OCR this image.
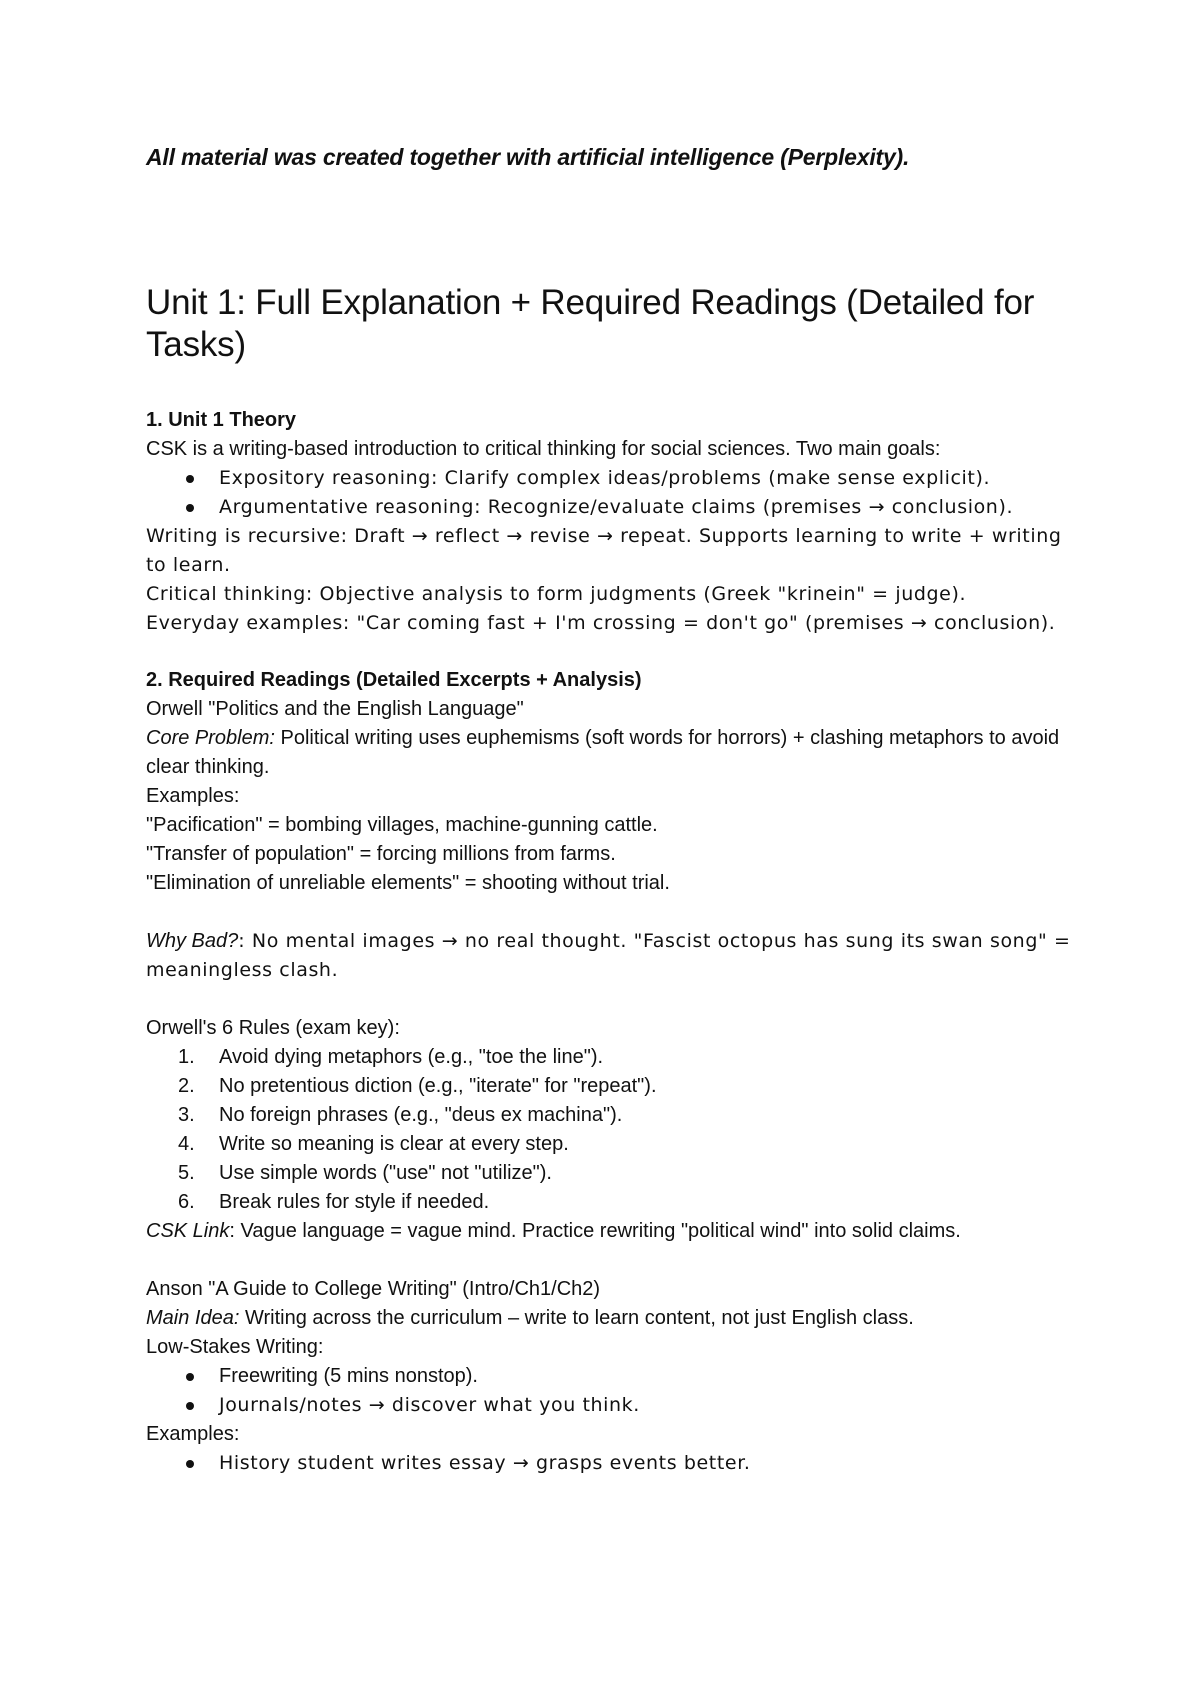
All material was created together with artificial intelligence (Perplexity).

Unit 1: Full Explanation + Required Readings (Detailed for Tasks)

1. Unit 1 Theory

CSK is a writing-based introduction to critical thinking for social sciences. Two main goals:

Expository reasoning: Clarify complex ideas/problems (make sense explicit).
Argumentative reasoning: Recognize/evaluate claims (premises → conclusion).

Writing is recursive: Draft → reflect → revise → repeat. Supports learning to write + writing to learn.

Critical thinking: Objective analysis to form judgments (Greek "krinein" = judge).

Everyday examples: "Car coming fast + I'm crossing = don't go" (premises → conclusion).

2. Required Readings (Detailed Excerpts + Analysis)

Orwell "Politics and the English Language"

Core Problem: Political writing uses euphemisms (soft words for horrors) + clashing metaphors to avoid clear thinking.

Examples:

"Pacification" = bombing villages, machine-gunning cattle.

"Transfer of population" = forcing millions from farms.

"Elimination of unreliable elements" = shooting without trial.

Why Bad?: No mental images → no real thought. "Fascist octopus has sung its swan song" = meaningless clash.

Orwell's 6 Rules (exam key):

1. Avoid dying metaphors (e.g., "toe the line").
2. No pretentious diction (e.g., "iterate" for "repeat").
3. No foreign phrases (e.g., "deus ex machina").
4. Write so meaning is clear at every step.
5. Use simple words ("use" not "utilize").
6. Break rules for style if needed.

CSK Link: Vague language = vague mind. Practice rewriting "political wind" into solid claims.

Anson "A Guide to College Writing" (Intro/Ch1/Ch2)

Main Idea: Writing across the curriculum – write to learn content, not just English class.

Low-Stakes Writing:

Freewriting (5 mins nonstop).
Journals/notes → discover what you think.

Examples:

History student writes essay → grasps events better.
